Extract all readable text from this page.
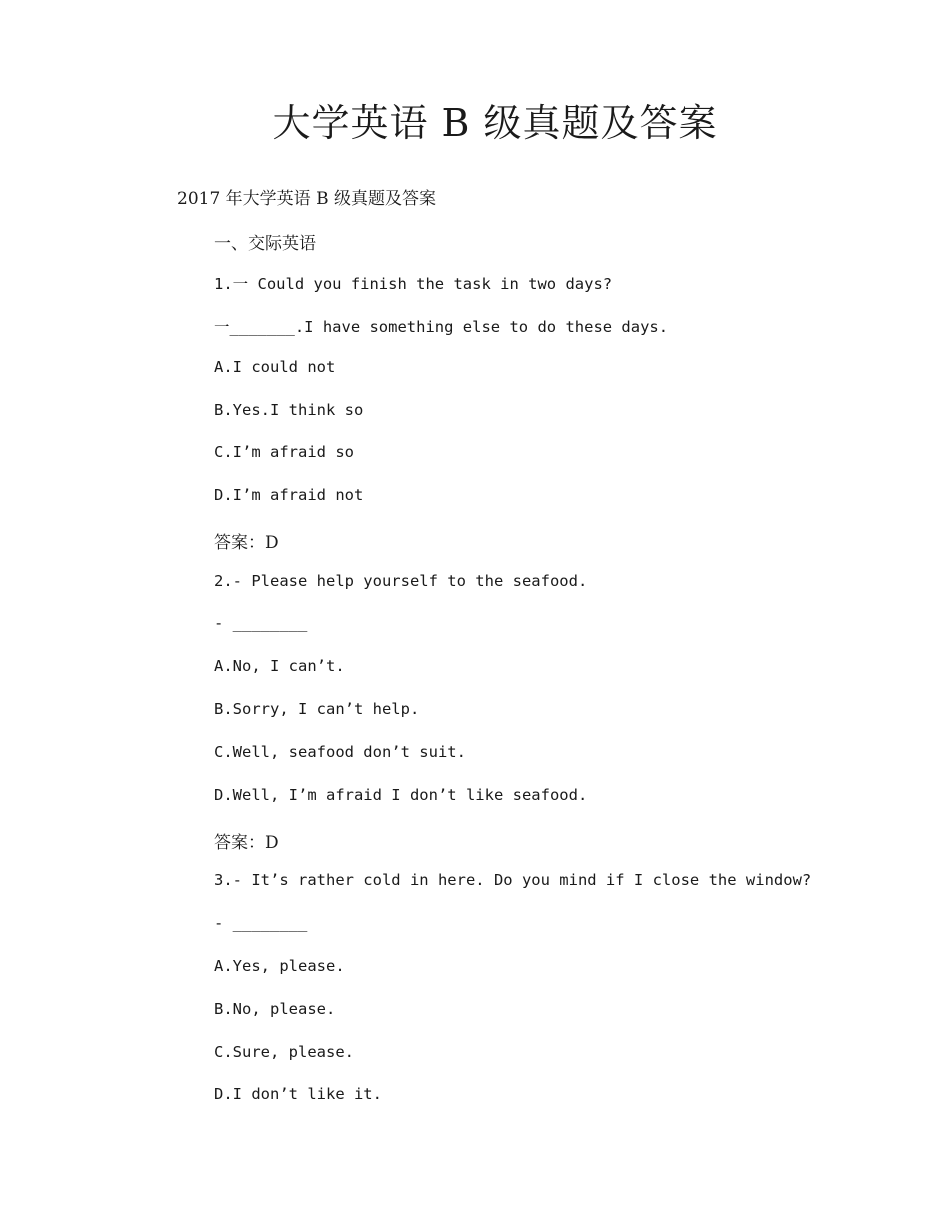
大学英语 B 级真题及答案

2017 年大学英语 B 级真题及答案

一、交际英语

1.一 Could you finish the task in two days?

一_______.I have something else to do these days.

A.I could not

B.Yes.I think so

C.I’m afraid so

D.I’m afraid not

答案：D

2.- Please help yourself to the seafood.

- ________

A.No, I can’t.

B.Sorry, I can’t help.

C.Well, seafood don’t suit.

D.Well, I’m afraid I don’t like seafood.

答案：D

3.- It’s rather cold in here. Do you mind if I close the window?

- ________

A.Yes, please.

B.No, please.

C.Sure, please.

D.I don’t like it.
